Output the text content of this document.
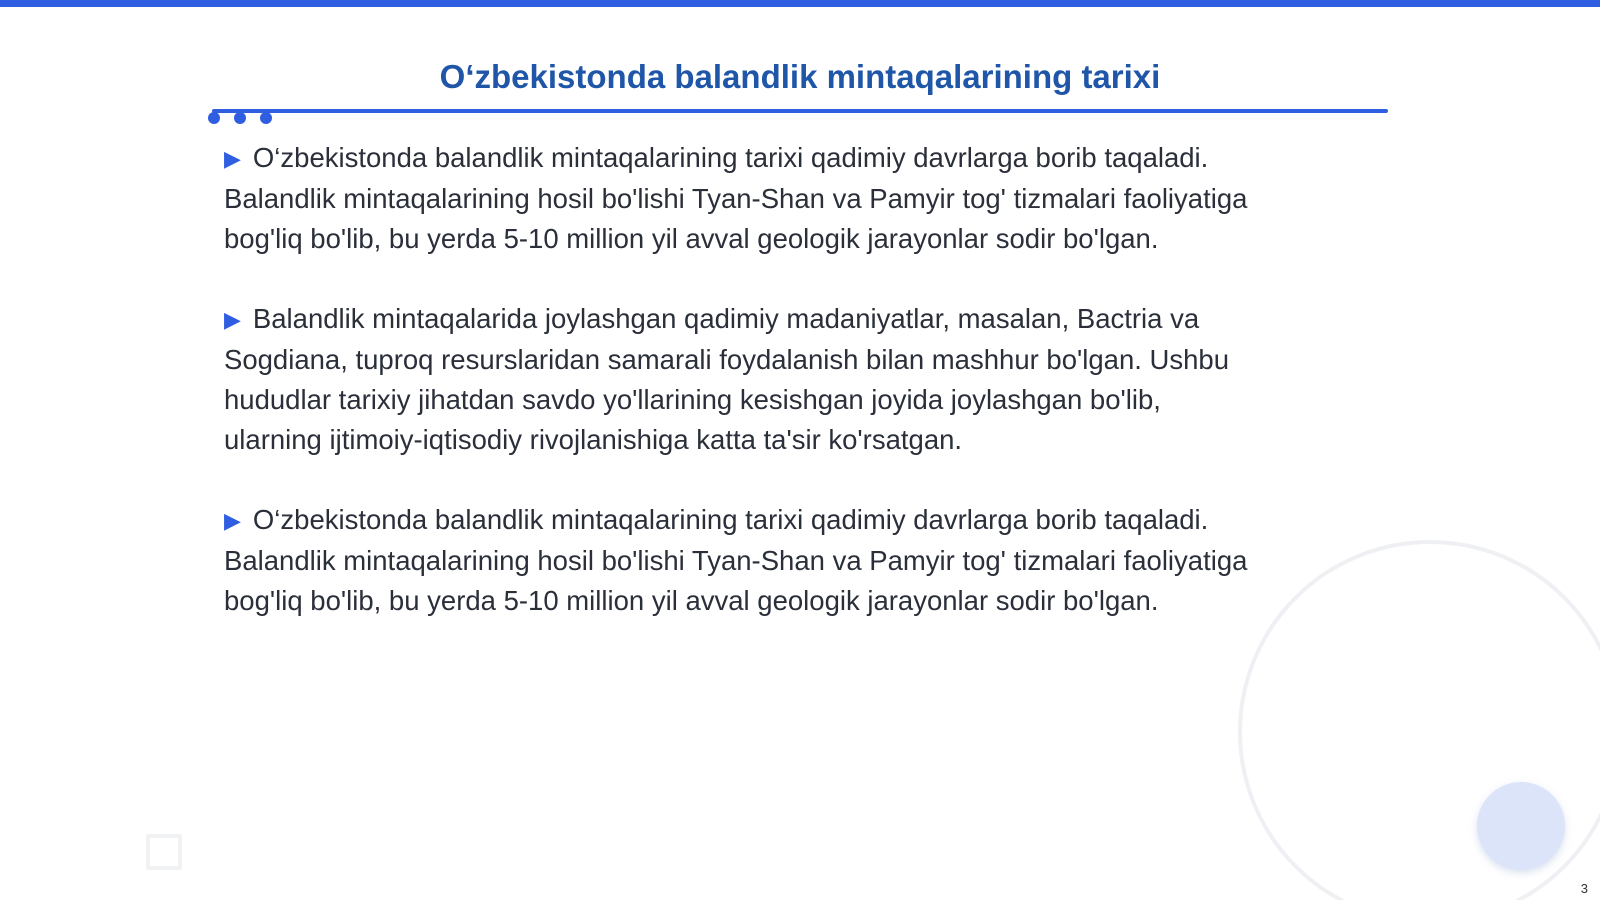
O‘zbekistonda balandlik mintaqalarining tarixi

▶ O‘zbekistonda balandlik mintaqalarining tarixi qadimiy davrlarga borib taqaladi.
Balandlik mintaqalarining hosil bo'lishi Tyan-Shan va Pamyir tog' tizmalari faoliyatiga
bog'liq bo'lib, bu yerda 5-10 million yil avval geologik jarayonlar sodir bo'lgan.

▶ Balandlik mintaqalarida joylashgan qadimiy madaniyatlar, masalan, Bactria va
Sogdiana, tuproq resurslaridan samarali foydalanish bilan mashhur bo'lgan. Ushbu
hududlar tarixiy jihatdan savdo yo'llarining kesishgan joyida joylashgan bo'lib,
ularning ijtimoiy-iqtisodiy rivojlanishiga katta ta'sir ko'rsatgan.

▶ O‘zbekistonda balandlik mintaqalarining tarixi qadimiy davrlarga borib taqaladi.
Balandlik mintaqalarining hosil bo'lishi Tyan-Shan va Pamyir tog' tizmalari faoliyatiga
bog'liq bo'lib, bu yerda 5-10 million yil avval geologik jarayonlar sodir bo'lgan.

3
